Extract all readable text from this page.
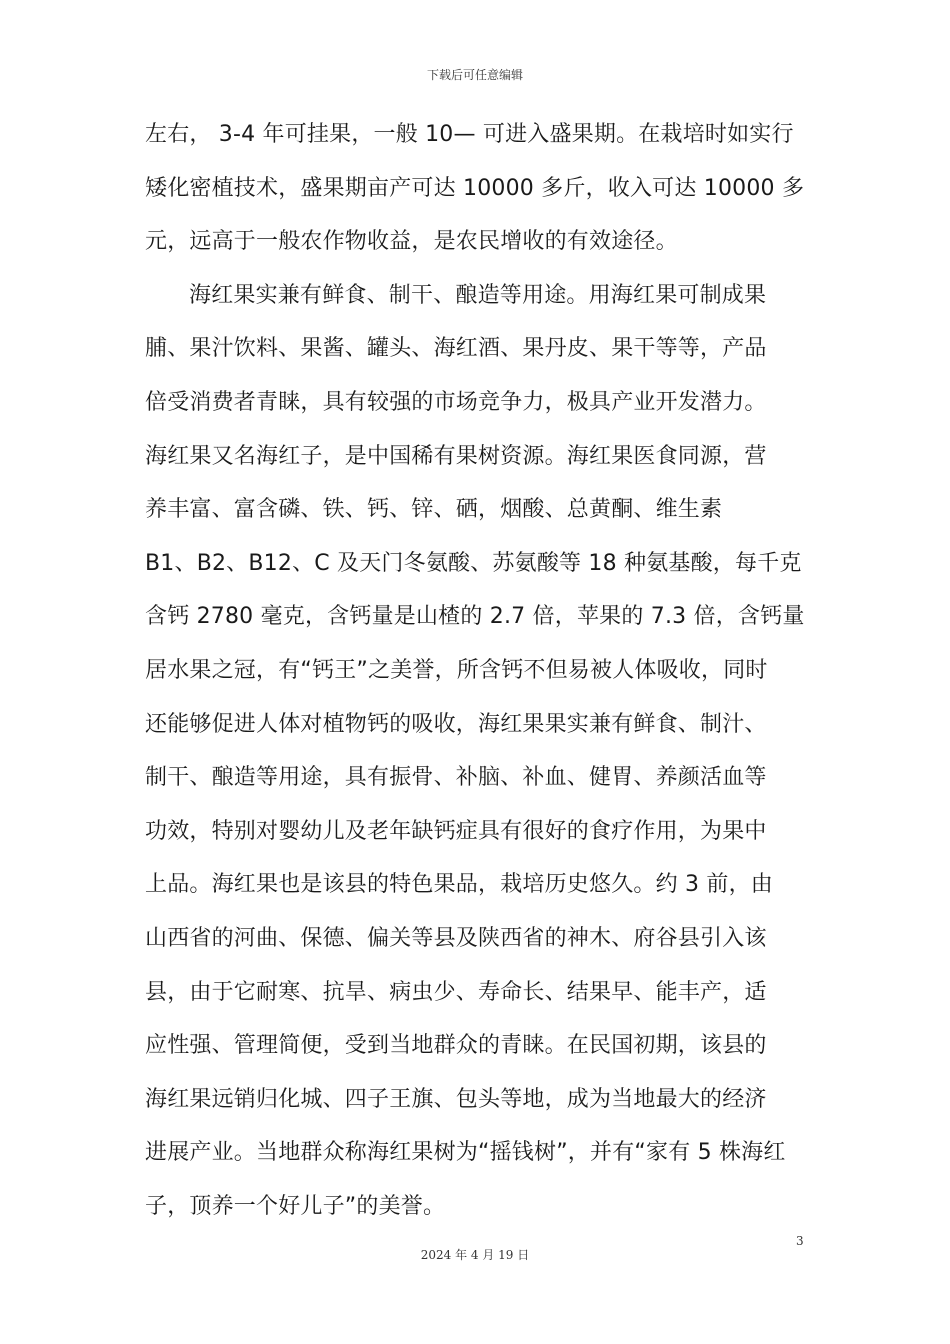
下载后可任意编辑
左右， 3-4 年可挂果，一般 10— 可进入盛果期。在栽培时如实行
矮化密植技术，盛果期亩产可达 10000 多斤，收入可达 10000 多
元，远高于一般农作物收益，是农民增收的有效途径。
海红果实兼有鲜食、制干、酿造等用途。用海红果可制成果
脯、果汁饮料、果酱、罐头、海红酒、果丹皮、果干等等，产品
倍受消费者青睐，具有较强的市场竞争力，极具产业开发潜力。
海红果又名海红子，是中国稀有果树资源。海红果医食同源，营
养丰富、富含磷、铁、钙、锌、硒，烟酸、总黄酮、维生素
B1、B2、B12、C 及天门冬氨酸、苏氨酸等 18 种氨基酸，每千克
含钙 2780 毫克，含钙量是山楂的 2.7 倍，苹果的 7.3 倍，含钙量
居水果之冠，有“钙王”之美誉，所含钙不但易被人体吸收，同时
还能够促进人体对植物钙的吸收，海红果果实兼有鲜食、制汁、
制干、酿造等用途，具有振骨、补脑、补血、健胃、养颜活血等
功效，特别对婴幼儿及老年缺钙症具有很好的食疗作用，为果中
上品。海红果也是该县的特色果品，栽培历史悠久。约 3 前，由
山西省的河曲、保德、偏关等县及陕西省的神木、府谷县引入该
县，由于它耐寒、抗旱、病虫少、寿命长、结果早、能丰产，适
应性强、管理简便，受到当地群众的青睐。在民国初期，该县的
海红果远销归化城、四子王旗、包头等地，成为当地最大的经济
进展产业。当地群众称海红果树为“摇钱树”，并有“家有 5 株海红
子，顶养一个好儿子”的美誉。
3
2024 年 4 月 19 日
